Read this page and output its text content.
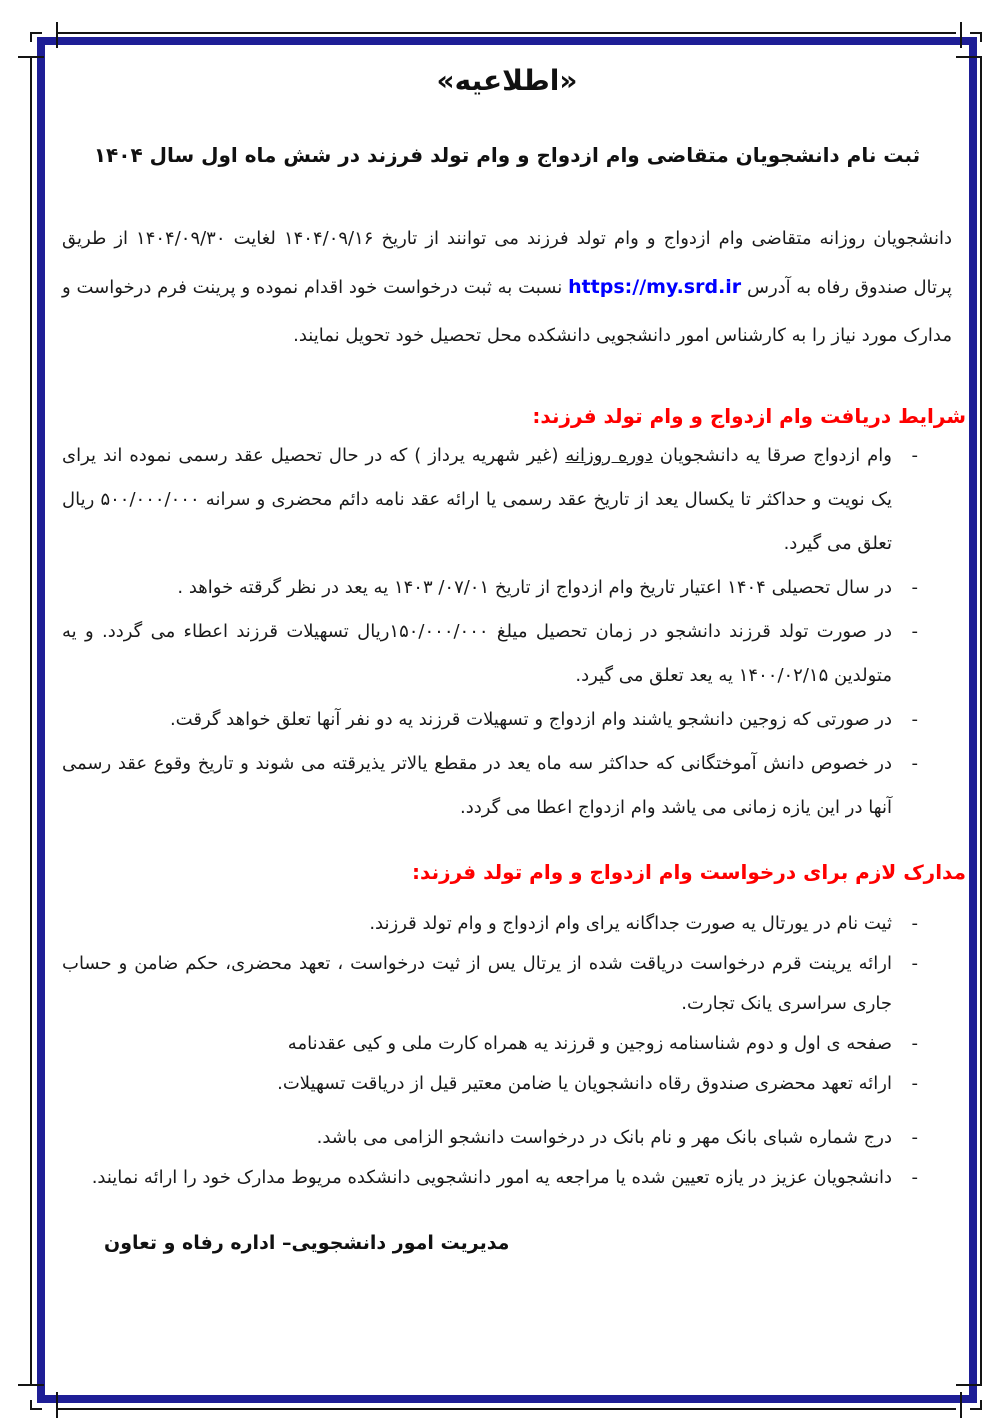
«اطلاعیه»
ثبت نام دانشجویان متقاضی وام ازدواج و وام تولد فرزند در شش ماه اول سال ۱۴۰۴

دانشجویان روزانه متقاضی وام ازدواج و وام تولد فرزند می توانند از تاریخ ۱۴۰۴/۰۹/۱۶ لغایت ۱۴۰۴/۰۹/۳۰ از طریق پرتال صندوق رفاه به آدرس https://my.srd.ir نسبت به ثبت درخواست خود اقدام نموده و پرینت فرم درخواست و مدارک مورد نیاز را به کارشناس امور دانشجویی دانشکده محل تحصیل خود تحویل نمایند.

شرایط دریافت وام ازدواج و وام تولد فرزند:
-

وام ازدواج صرقا یه دانشجویان دوره روزانه (غیر شهریه یرداز ) که در حال تحصیل عقد رسمی نموده اند یرای یک نویت و حداکثر تا یکسال یعد از تاریخ عقد رسمی یا ارائه عقد نامه دائم محضری و سرانه ۵۰۰/۰۰۰/۰۰۰ ریال تعلق می گیرد.

-

در سال تحصیلی ۱۴۰۴ اعتیار تاریخ وام ازدواج از تاریخ ۱۴۰۳ /۰۷/۰۱ یه یعد در نظر گرقته خواهد .

-

در صورت تولد قرزند دانشجو در زمان تحصیل میلغ ۱۵۰/۰۰۰/۰۰۰ریال تسهیلات قرزند اعطاء می گردد. و یه متولدین ۱۴۰۰/۰۲/۱۵ یه یعد تعلق می گیرد.

-

در صورتی که زوجین دانشجو یاشند وام ازدواج و تسهیلات قرزند یه دو نفر آنها تعلق خواهد گرقت.

-

در خصوص دانش آموختگانی که حداکثر سه ماه یعد در مقطع یالاتر یذیرقته می شوند و تاریخ وقوع عقد رسمی آنها در این یازه زمانی می یاشد وام ازدواج اعطا می گردد.

مدارک لازم برای درخواست وام ازدواج و وام تولد فرزند:
-

ثیت نام در یورتال یه صورت جداگانه یرای وام ازدواج و وام تولد قرزند.

-

ارائه یرینت قرم درخواست دریاقت شده از یرتال یس از ثیت درخواست ، تعهد محضری، حکم ضامن و حساب جاری سراسری یانک تجارت.

-

صفحه ی اول و دوم شناسنامه زوجین و قرزند یه همراه کارت ملی و کیی عقدنامه

-

ارائه تعهد محضری صندوق رقاه دانشجویان یا ضامن معتیر قیل از دریاقت تسهیلات.

-

درج شماره شبای بانک مهر و نام بانک در درخواست دانشجو الزامی می باشد.

-

دانشجویان عزیز در یازه تعیین شده یا مراجعه یه امور دانشجویی دانشکده مریوط مدارک خود را ارائه نمایند.

مدیریت امور دانشجویی– اداره رفاه و تعاون
